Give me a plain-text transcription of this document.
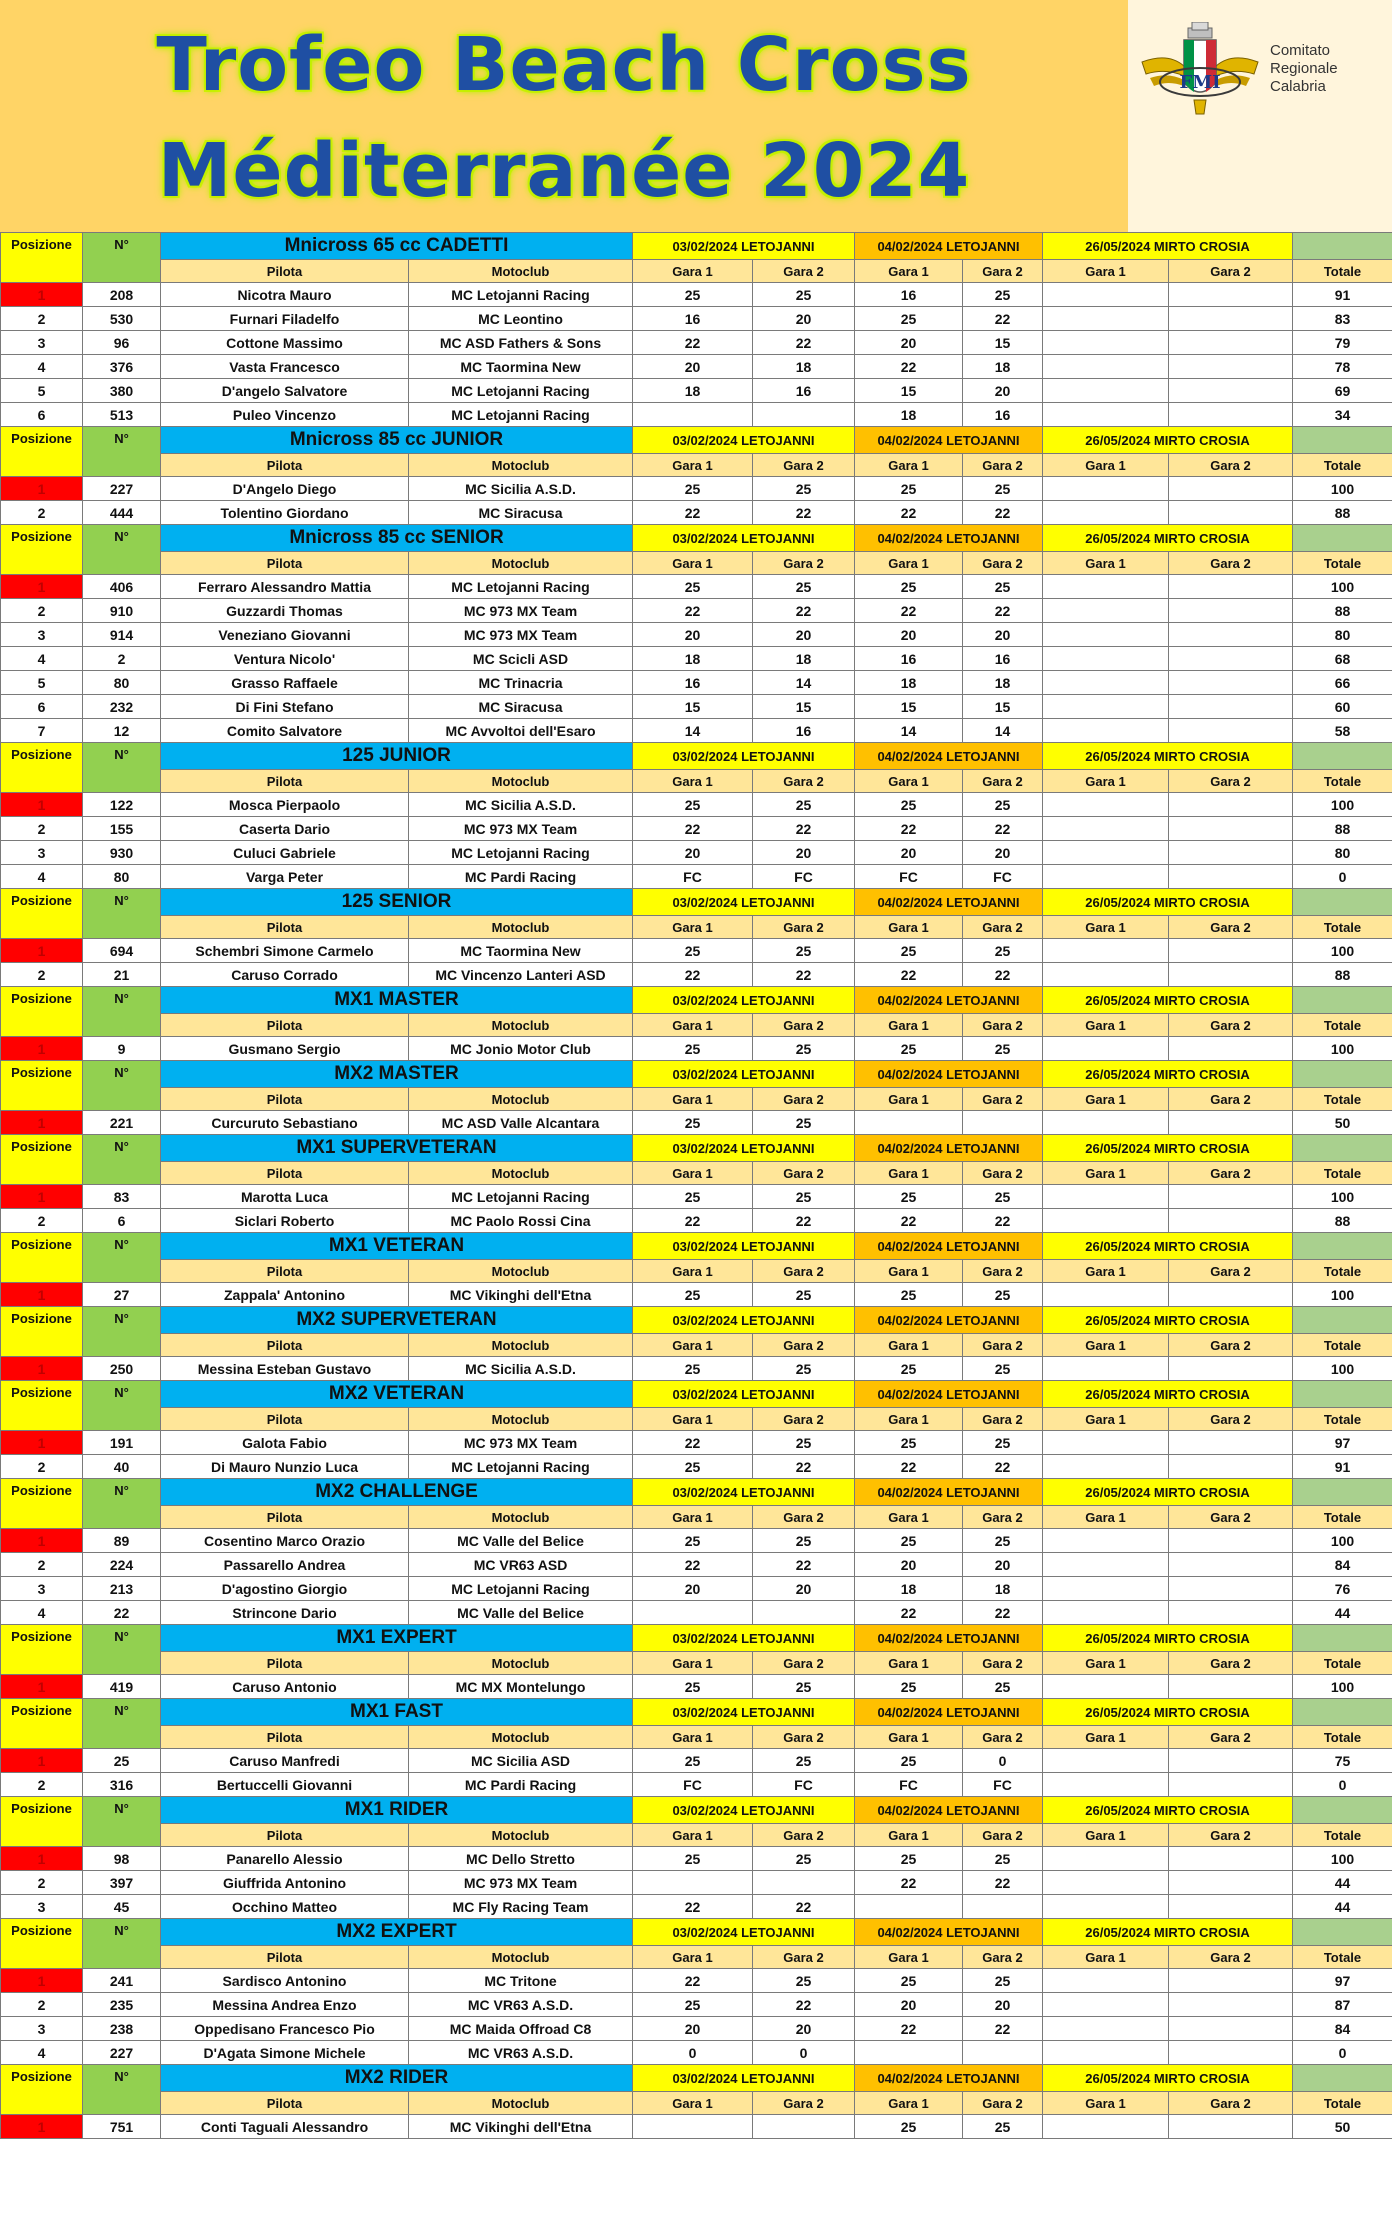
Trofeo Beach Cross
Méditerranée 2024
FMI
Comitato
Regionale
Calabria
Posizione	N°	Mnicross 65 cc CADETTI		03/02/2024 LETOJANNI		04/02/2024 LETOJANNI		26/05/2024 MIRTO CROSIA		
		Pilota	Motoclub	Gara 1	Gara 2	Gara 1	Gara 2	Gara 1	Gara 2	Totale
1	208	Nicotra Mauro	MC Letojanni Racing	25	25	16	25			91
2	530	Furnari Filadelfo	MC Leontino	16	20	25	22			83
3	96	Cottone Massimo	MC ASD Fathers & Sons	22	22	20	15			79
4	376	Vasta Francesco	MC Taormina New	20	18	22	18			78
5	380	D'angelo Salvatore	MC Letojanni Racing	18	16	15	20			69
6	513	Puleo Vincenzo	MC Letojanni Racing			18	16			34
Posizione	N°	Mnicross 85 cc JUNIOR		03/02/2024 LETOJANNI		04/02/2024 LETOJANNI		26/05/2024 MIRTO CROSIA		
		Pilota	Motoclub	Gara 1	Gara 2	Gara 1	Gara 2	Gara 1	Gara 2	Totale
1	227	D'Angelo Diego	MC Sicilia A.S.D.	25	25	25	25			100
2	444	Tolentino Giordano	MC Siracusa	22	22	22	22			88
Posizione	N°	Mnicross 85 cc SENIOR		03/02/2024 LETOJANNI		04/02/2024 LETOJANNI		26/05/2024 MIRTO CROSIA		
		Pilota	Motoclub	Gara 1	Gara 2	Gara 1	Gara 2	Gara 1	Gara 2	Totale
1	406	Ferraro Alessandro Mattia	MC Letojanni Racing	25	25	25	25			100
2	910	Guzzardi Thomas	MC 973 MX Team	22	22	22	22			88
3	914	Veneziano Giovanni	MC 973 MX Team	20	20	20	20			80
4	2	Ventura Nicolo'	MC Scicli ASD	18	18	16	16			68
5	80	Grasso Raffaele	MC Trinacria	16	14	18	18			66
6	232	Di Fini Stefano	MC Siracusa	15	15	15	15			60
7	12	Comito Salvatore	MC Avvoltoi dell'Esaro	14	16	14	14			58
Posizione	N°	125 JUNIOR		03/02/2024 LETOJANNI		04/02/2024 LETOJANNI		26/05/2024 MIRTO CROSIA		
		Pilota	Motoclub	Gara 1	Gara 2	Gara 1	Gara 2	Gara 1	Gara 2	Totale
1	122	Mosca Pierpaolo	MC Sicilia A.S.D.	25	25	25	25			100
2	155	Caserta Dario	MC 973 MX Team	22	22	22	22			88
3	930	Culuci Gabriele	MC Letojanni Racing	20	20	20	20			80
4	80	Varga Peter	MC Pardi Racing	FC	FC	FC	FC			0
Posizione	N°	125 SENIOR		03/02/2024 LETOJANNI		04/02/2024 LETOJANNI		26/05/2024 MIRTO CROSIA		
		Pilota	Motoclub	Gara 1	Gara 2	Gara 1	Gara 2	Gara 1	Gara 2	Totale
1	694	Schembri Simone Carmelo	MC Taormina New	25	25	25	25			100
2	21	Caruso Corrado	MC Vincenzo Lanteri ASD	22	22	22	22			88
Posizione	N°	MX1 MASTER		03/02/2024 LETOJANNI		04/02/2024 LETOJANNI		26/05/2024 MIRTO CROSIA		
		Pilota	Motoclub	Gara 1	Gara 2	Gara 1	Gara 2	Gara 1	Gara 2	Totale
1	9	Gusmano Sergio	MC Jonio Motor Club	25	25	25	25			100
Posizione	N°	MX2 MASTER		03/02/2024 LETOJANNI		04/02/2024 LETOJANNI		26/05/2024 MIRTO CROSIA		
		Pilota	Motoclub	Gara 1	Gara 2	Gara 1	Gara 2	Gara 1	Gara 2	Totale
1	221	Curcuruto Sebastiano	MC ASD Valle Alcantara	25	25					50
Posizione	N°	MX1 SUPERVETERAN		03/02/2024 LETOJANNI		04/02/2024 LETOJANNI		26/05/2024 MIRTO CROSIA		
		Pilota	Motoclub	Gara 1	Gara 2	Gara 1	Gara 2	Gara 1	Gara 2	Totale
1	83	Marotta Luca	MC Letojanni Racing	25	25	25	25			100
2	6	Siclari Roberto	MC Paolo Rossi Cina	22	22	22	22			88
Posizione	N°	MX1 VETERAN		03/02/2024 LETOJANNI		04/02/2024 LETOJANNI		26/05/2024 MIRTO CROSIA		
		Pilota	Motoclub	Gara 1	Gara 2	Gara 1	Gara 2	Gara 1	Gara 2	Totale
1	27	Zappala' Antonino	MC Vikinghi dell'Etna	25	25	25	25			100
Posizione	N°	MX2 SUPERVETERAN		03/02/2024 LETOJANNI		04/02/2024 LETOJANNI		26/05/2024 MIRTO CROSIA		
		Pilota	Motoclub	Gara 1	Gara 2	Gara 1	Gara 2	Gara 1	Gara 2	Totale
1	250	Messina Esteban Gustavo	MC Sicilia A.S.D.	25	25	25	25			100
Posizione	N°	MX2 VETERAN		03/02/2024 LETOJANNI		04/02/2024 LETOJANNI		26/05/2024 MIRTO CROSIA		
		Pilota	Motoclub	Gara 1	Gara 2	Gara 1	Gara 2	Gara 1	Gara 2	Totale
1	191	Galota Fabio	MC 973 MX Team	22	25	25	25			97
2	40	Di Mauro Nunzio Luca	MC Letojanni Racing	25	22	22	22			91
Posizione	N°	MX2 CHALLENGE		03/02/2024 LETOJANNI		04/02/2024 LETOJANNI		26/05/2024 MIRTO CROSIA		
		Pilota	Motoclub	Gara 1	Gara 2	Gara 1	Gara 2	Gara 1	Gara 2	Totale
1	89	Cosentino Marco Orazio	MC Valle del Belice	25	25	25	25			100
2	224	Passarello Andrea	MC VR63 ASD	22	22	20	20			84
3	213	D'agostino Giorgio	MC Letojanni Racing	20	20	18	18			76
4	22	Strincone Dario	MC Valle del Belice			22	22			44
Posizione	N°	MX1 EXPERT		03/02/2024 LETOJANNI		04/02/2024 LETOJANNI		26/05/2024 MIRTO CROSIA		
		Pilota	Motoclub	Gara 1	Gara 2	Gara 1	Gara 2	Gara 1	Gara 2	Totale
1	419	Caruso Antonio	MC MX Montelungo	25	25	25	25			100
Posizione	N°	MX1 FAST		03/02/2024 LETOJANNI		04/02/2024 LETOJANNI		26/05/2024 MIRTO CROSIA		
		Pilota	Motoclub	Gara 1	Gara 2	Gara 1	Gara 2	Gara 1	Gara 2	Totale
1	25	Caruso Manfredi	MC Sicilia ASD	25	25	25	0			75
2	316	Bertuccelli Giovanni	MC Pardi Racing	FC	FC	FC	FC			0
Posizione	N°	MX1 RIDER		03/02/2024 LETOJANNI		04/02/2024 LETOJANNI		26/05/2024 MIRTO CROSIA		
		Pilota	Motoclub	Gara 1	Gara 2	Gara 1	Gara 2	Gara 1	Gara 2	Totale
1	98	Panarello Alessio	MC Dello Stretto	25	25	25	25			100
2	397	Giuffrida Antonino	MC 973 MX Team			22	22			44
3	45	Occhino Matteo	MC Fly Racing Team	22	22					44
Posizione	N°	MX2 EXPERT		03/02/2024 LETOJANNI		04/02/2024 LETOJANNI		26/05/2024 MIRTO CROSIA		
		Pilota	Motoclub	Gara 1	Gara 2	Gara 1	Gara 2	Gara 1	Gara 2	Totale
1	241	Sardisco Antonino	MC Tritone	22	25	25	25			97
2	235	Messina Andrea Enzo	MC VR63 A.S.D.	25	22	20	20			87
3	238	Oppedisano Francesco Pio	MC Maida Offroad C8	20	20	22	22			84
4	227	D'Agata Simone Michele	MC VR63 A.S.D.	0	0					0
Posizione	N°	MX2 RIDER		03/02/2024 LETOJANNI		04/02/2024 LETOJANNI		26/05/2024 MIRTO CROSIA		
		Pilota	Motoclub	Gara 1	Gara 2	Gara 1	Gara 2	Gara 1	Gara 2	Totale
1	751	Conti Taguali Alessandro	MC Vikinghi dell'Etna			25	25			50
